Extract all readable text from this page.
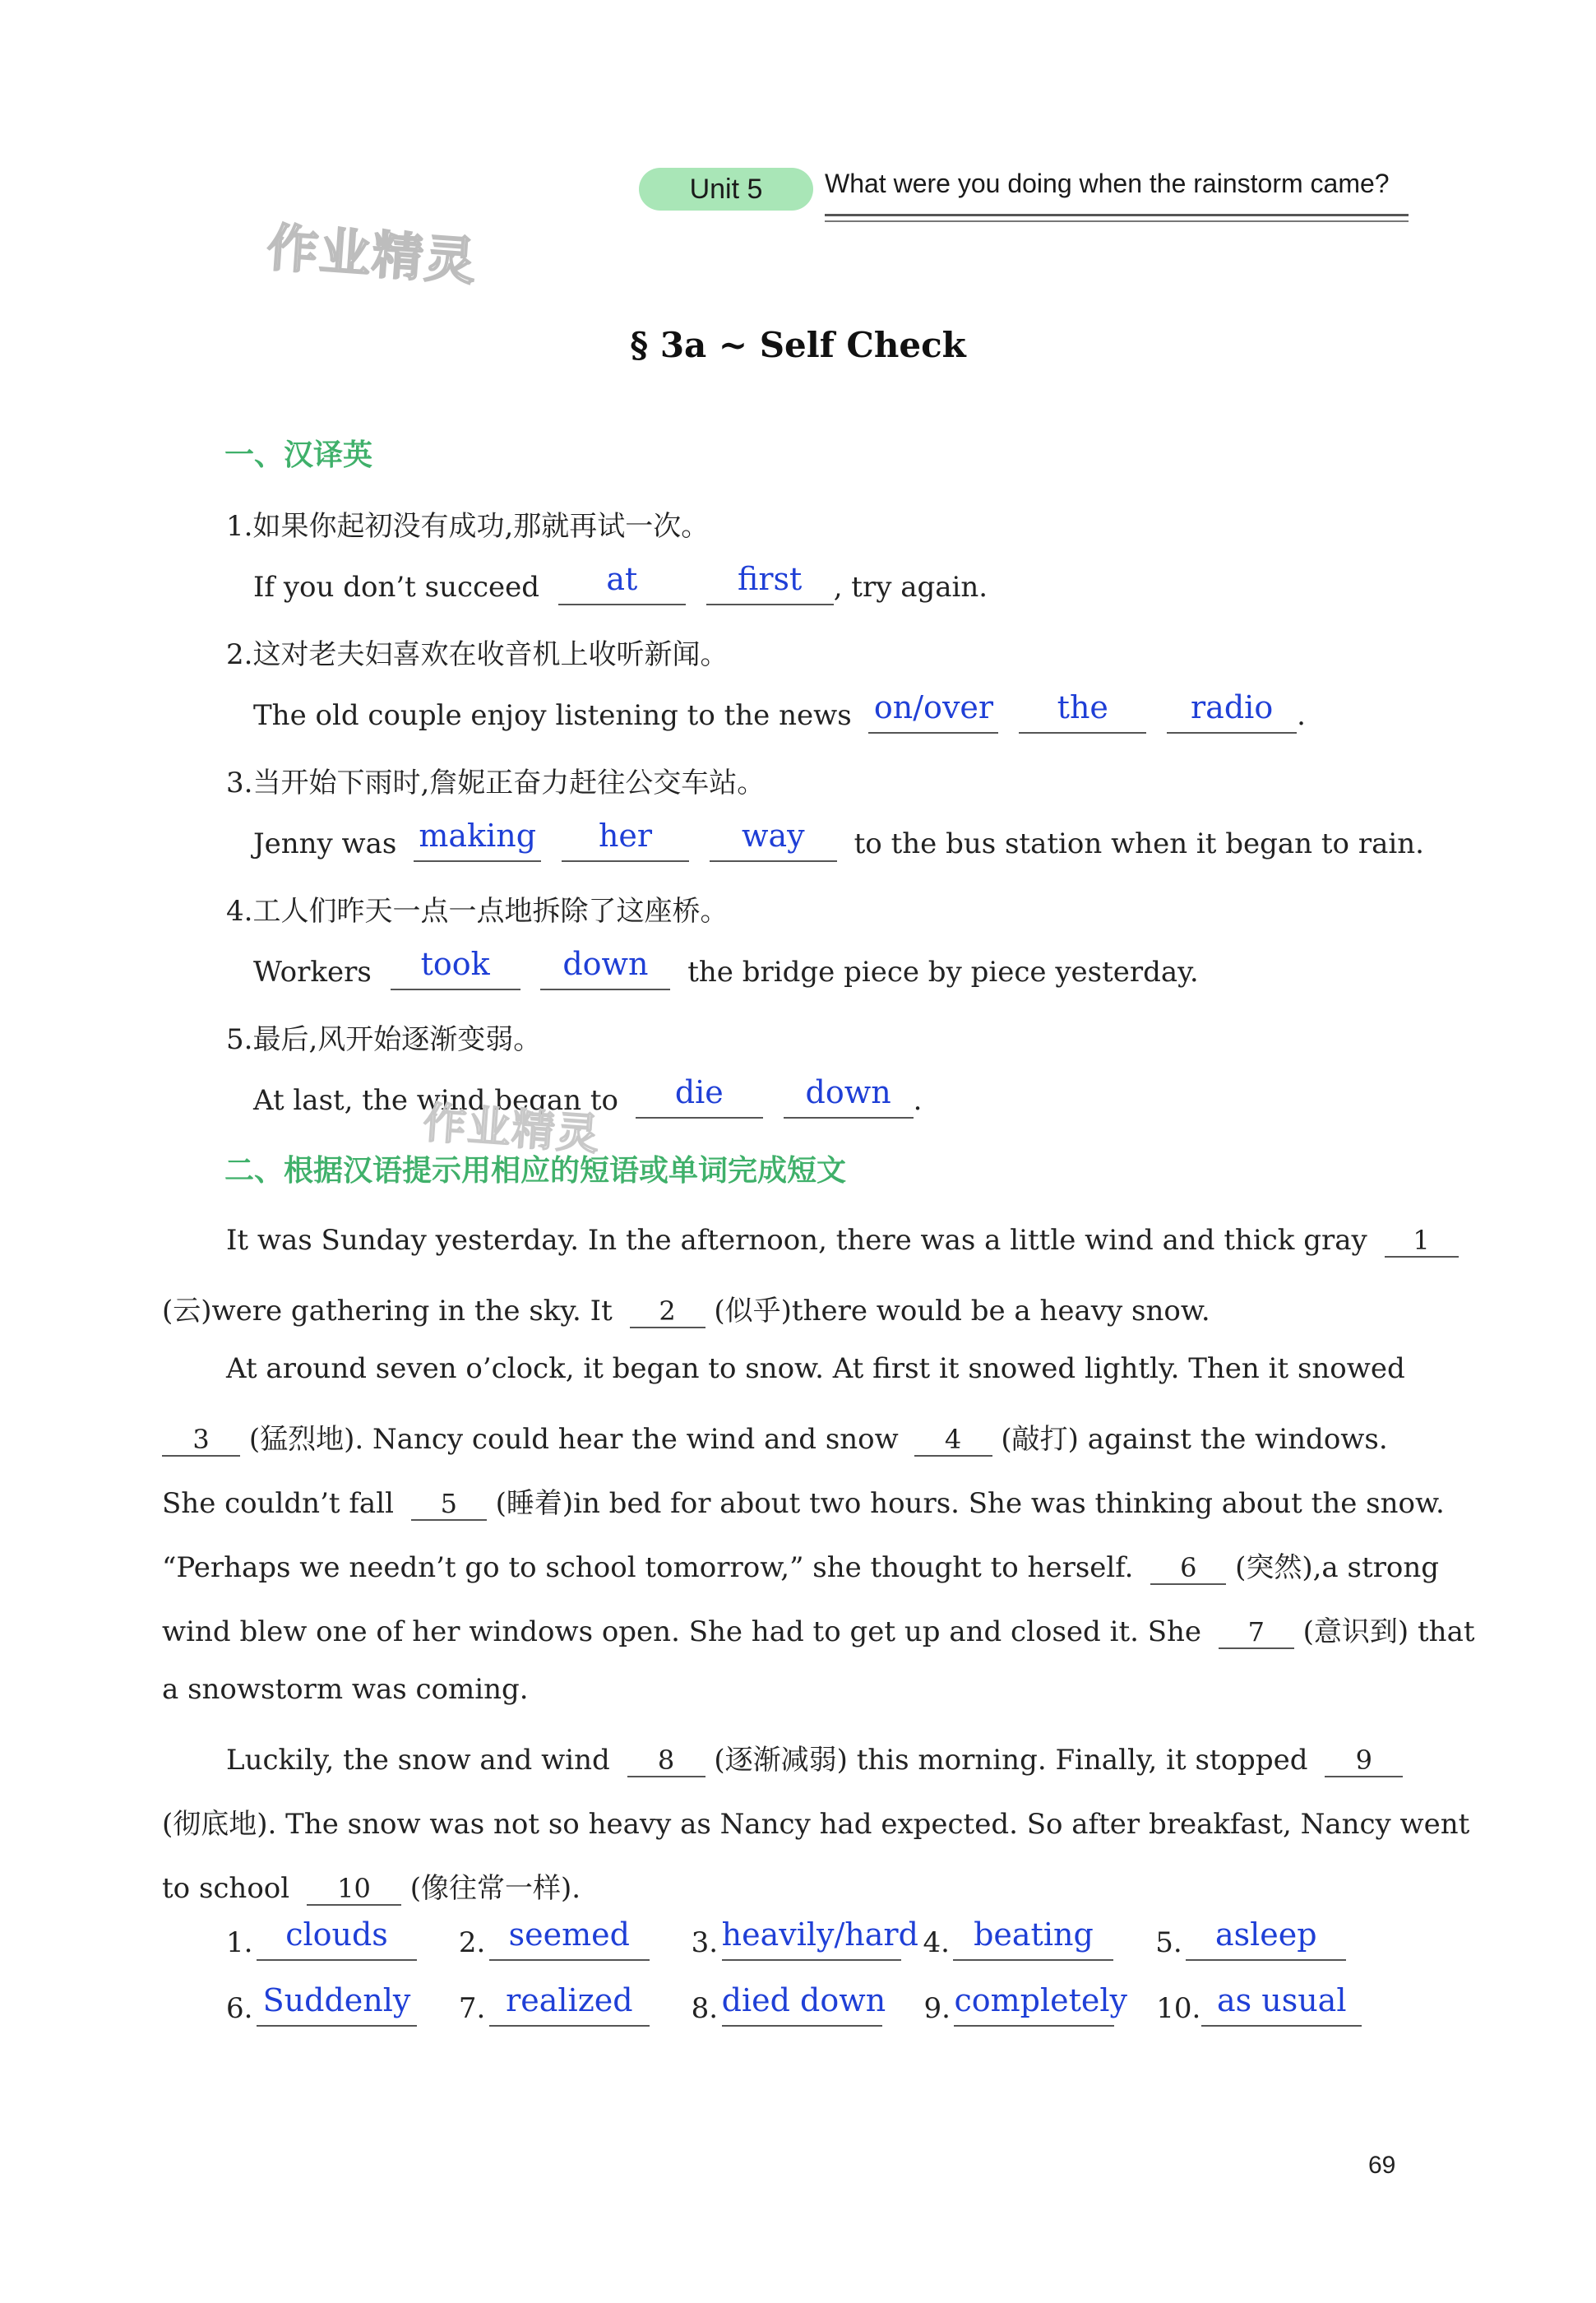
Unit 5	What were you doing when the rainstorm came?
作业精灵
§ 3a ~ Self Check
一、汉译英
1.如果你起初没有成功,那就再试一次。
If you don’t succeed at	first , try again.
2.这对老夫妇喜欢在收音机上收听新闻。
The old couple enjoy listening to the news on/over the	radio .
3.当开始下雨时,詹妮正奋力赶往公交车站。
Jenny was making her	way to the bus station when it began to rain.
4.工人们昨天一点一点地拆除了这座桥。
Workers took down the bridge piece by piece yesterday.
5.最后,风开始逐渐变弱。
At last, the wind began to die	down .
作业精灵
二、根据汉语提示用相应的短语或单词完成短文
It was Sunday yesterday. In the afternoon, there was a little wind and thick gray 1
(云)were gathering in the sky. It 2 (似乎)there would be a heavy snow.
At around seven o’clock, it began to snow. At first it snowed lightly. Then it snowed
3 (猛烈地). Nancy could hear the wind and snow 4 (敲打) against the windows.
She couldn’t fall 5 (睡着)in bed for about two hours. She was thinking about the snow.
“Perhaps we needn’t go to school tomorrow,” she thought to herself. 6 (突然),a strong
wind blew one of her windows open. She had to get up and closed it. She 7 (意识到) that
a snowstorm was coming.
Luckily, the snow and wind 8 (逐渐减弱) this morning. Finally, it stopped 9
(彻底地). The snow was not so heavy as Nancy had expected. So after breakfast, Nancy went
to school 10 (像往常一样).
1. clouds	2. seemed 3. heavily/hard 4. beating 5. asleep
6. Suddenly 7. realized 8. died down 9. completely 10. as usual
69
